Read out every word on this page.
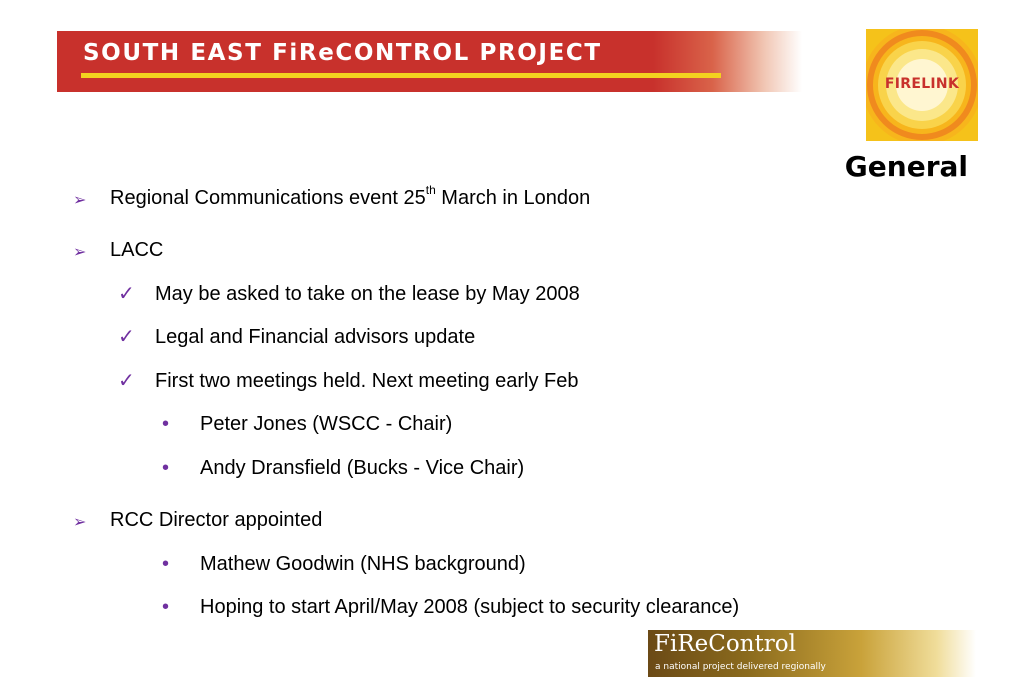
SOUTH EAST FiReCONTROL PROJECT
FIRELINK
General
➢ Regional Communications event 25th March in London
➢ LACC
✓ May be asked to take on the lease by May 2008
✓ Legal and Financial advisors update
✓ First two meetings held. Next meeting early Feb
• Peter Jones (WSCC - Chair)
• Andy Dransfield (Bucks - Vice Chair)
➢ RCC Director appointed
• Mathew Goodwin (NHS background)
• Hoping to start April/May 2008 (subject to security clearance)
FiReControl
a national project delivered regionally
